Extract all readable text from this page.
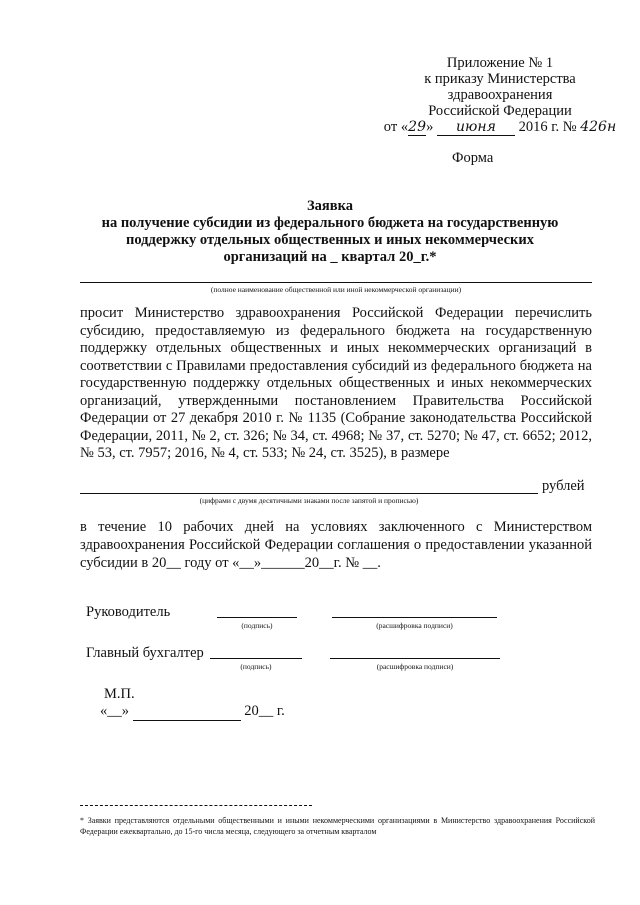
Приложение № 1
к приказу Министерства
здравоохранения
Российской Федерации
от «29» июня 2016 г. № 426н
Форма
Заявка
на получение субсидии из федерального бюджета на государственную
поддержку отдельных общественных и иных некоммерческих
организаций на _ квартал 20_г.*
(полное наименование общественной или иной некоммерческой организации)

просит Министерство здравоохранения Российской Федерации перечислить субсидию, предоставляемую из федерального бюджета на государственную поддержку отдельных общественных и иных некоммерческих организаций в соответствии с Правилами предоставления субсидий из федерального бюджета на государственную поддержку отдельных общественных и иных некоммерческих организаций, утвержденными постановлением Правительства Российской Федерации от 27 декабря 2010 г. № 1135 (Собрание законодательства Российской Федерации, 2011, № 2, ст. 326; № 34, ст. 4968; № 37, ст. 5270; № 47, ст. 6652; 2012, № 53, ст. 7957; 2016, № 4, ст. 533; № 24, ст. 3525), в размере

рублей
(цифрами с двумя десятичными знаками после запятой и прописью)

в течение 10 рабочих дней на условиях заключенного с Министерством здравоохранения Российской Федерации соглашения о предоставлении указанной субсидии в 20__ году от «__»______20__г. № __.

Руководитель
(подпись)	(расшифровка подписи)
Главный бухгалтер
(подпись)	(расшифровка подписи)
М.П.
«__»	20__ г.
* Заявки представляются отдельными общественными и иными некоммерческими организациями в Министерство здравоохранения Российской Федерации ежеквартально, до 15-го числа месяца, следующего за отчетным кварталом
